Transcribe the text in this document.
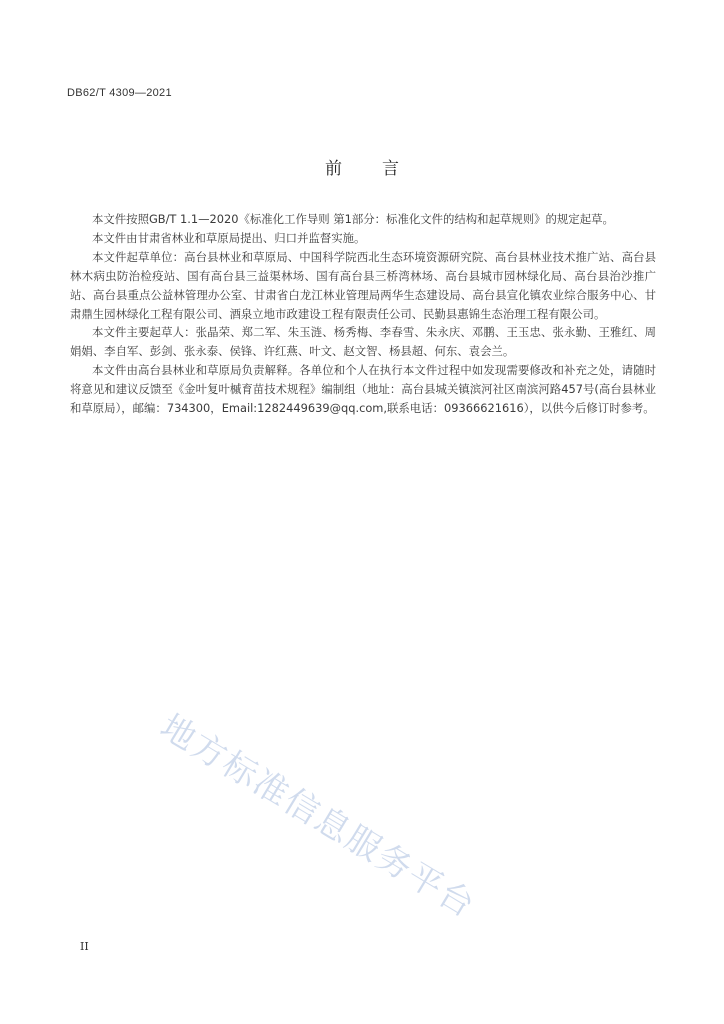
DB62/T 4309—2021
前言

本文件按照GB/T 1.1—2020《标准化工作导则 第1部分：标准化文件的结构和起草规则》的规定起草。

本文件由甘肃省林业和草原局提出、归口并监督实施。

本文件起草单位：高台县林业和草原局、中国科学院西北生态环境资源研究院、高台县林业技术推广站、高台县林木病虫防治检疫站、国有高台县三益渠林场、国有高台县三桥湾林场、高台县城市园林绿化局、高台县治沙推广站、高台县重点公益林管理办公室、甘肃省白龙江林业管理局两华生态建设局、高台县宣化镇农业综合服务中心、甘肃鼎生园林绿化工程有限公司、酒泉立地市政建设工程有限责任公司、民勤县惠锦生态治理工程有限公司。

本文件主要起草人：张晶荣、郑二军、朱玉涟、杨秀梅、李春雪、朱永庆、邓鹏、王玉忠、张永勤、王雅红、周娟娟、李自军、彭剑、张永泰、侯锋、许红燕、叶文、赵文智、杨县超、何东、袁会兰。

本文件由高台县林业和草原局负责解释。各单位和个人在执行本文件过程中如发现需要修改和补充之处，请随时将意见和建议反馈至《金叶复叶槭育苗技术规程》编制组（地址：高台县城关镇滨河社区南滨河路457号(高台县林业和草原局），邮编：734300，Email:1282449639@qq.com,联系电话：09366621616），以供今后修订时参考。

地方标准信息服务平台
II
